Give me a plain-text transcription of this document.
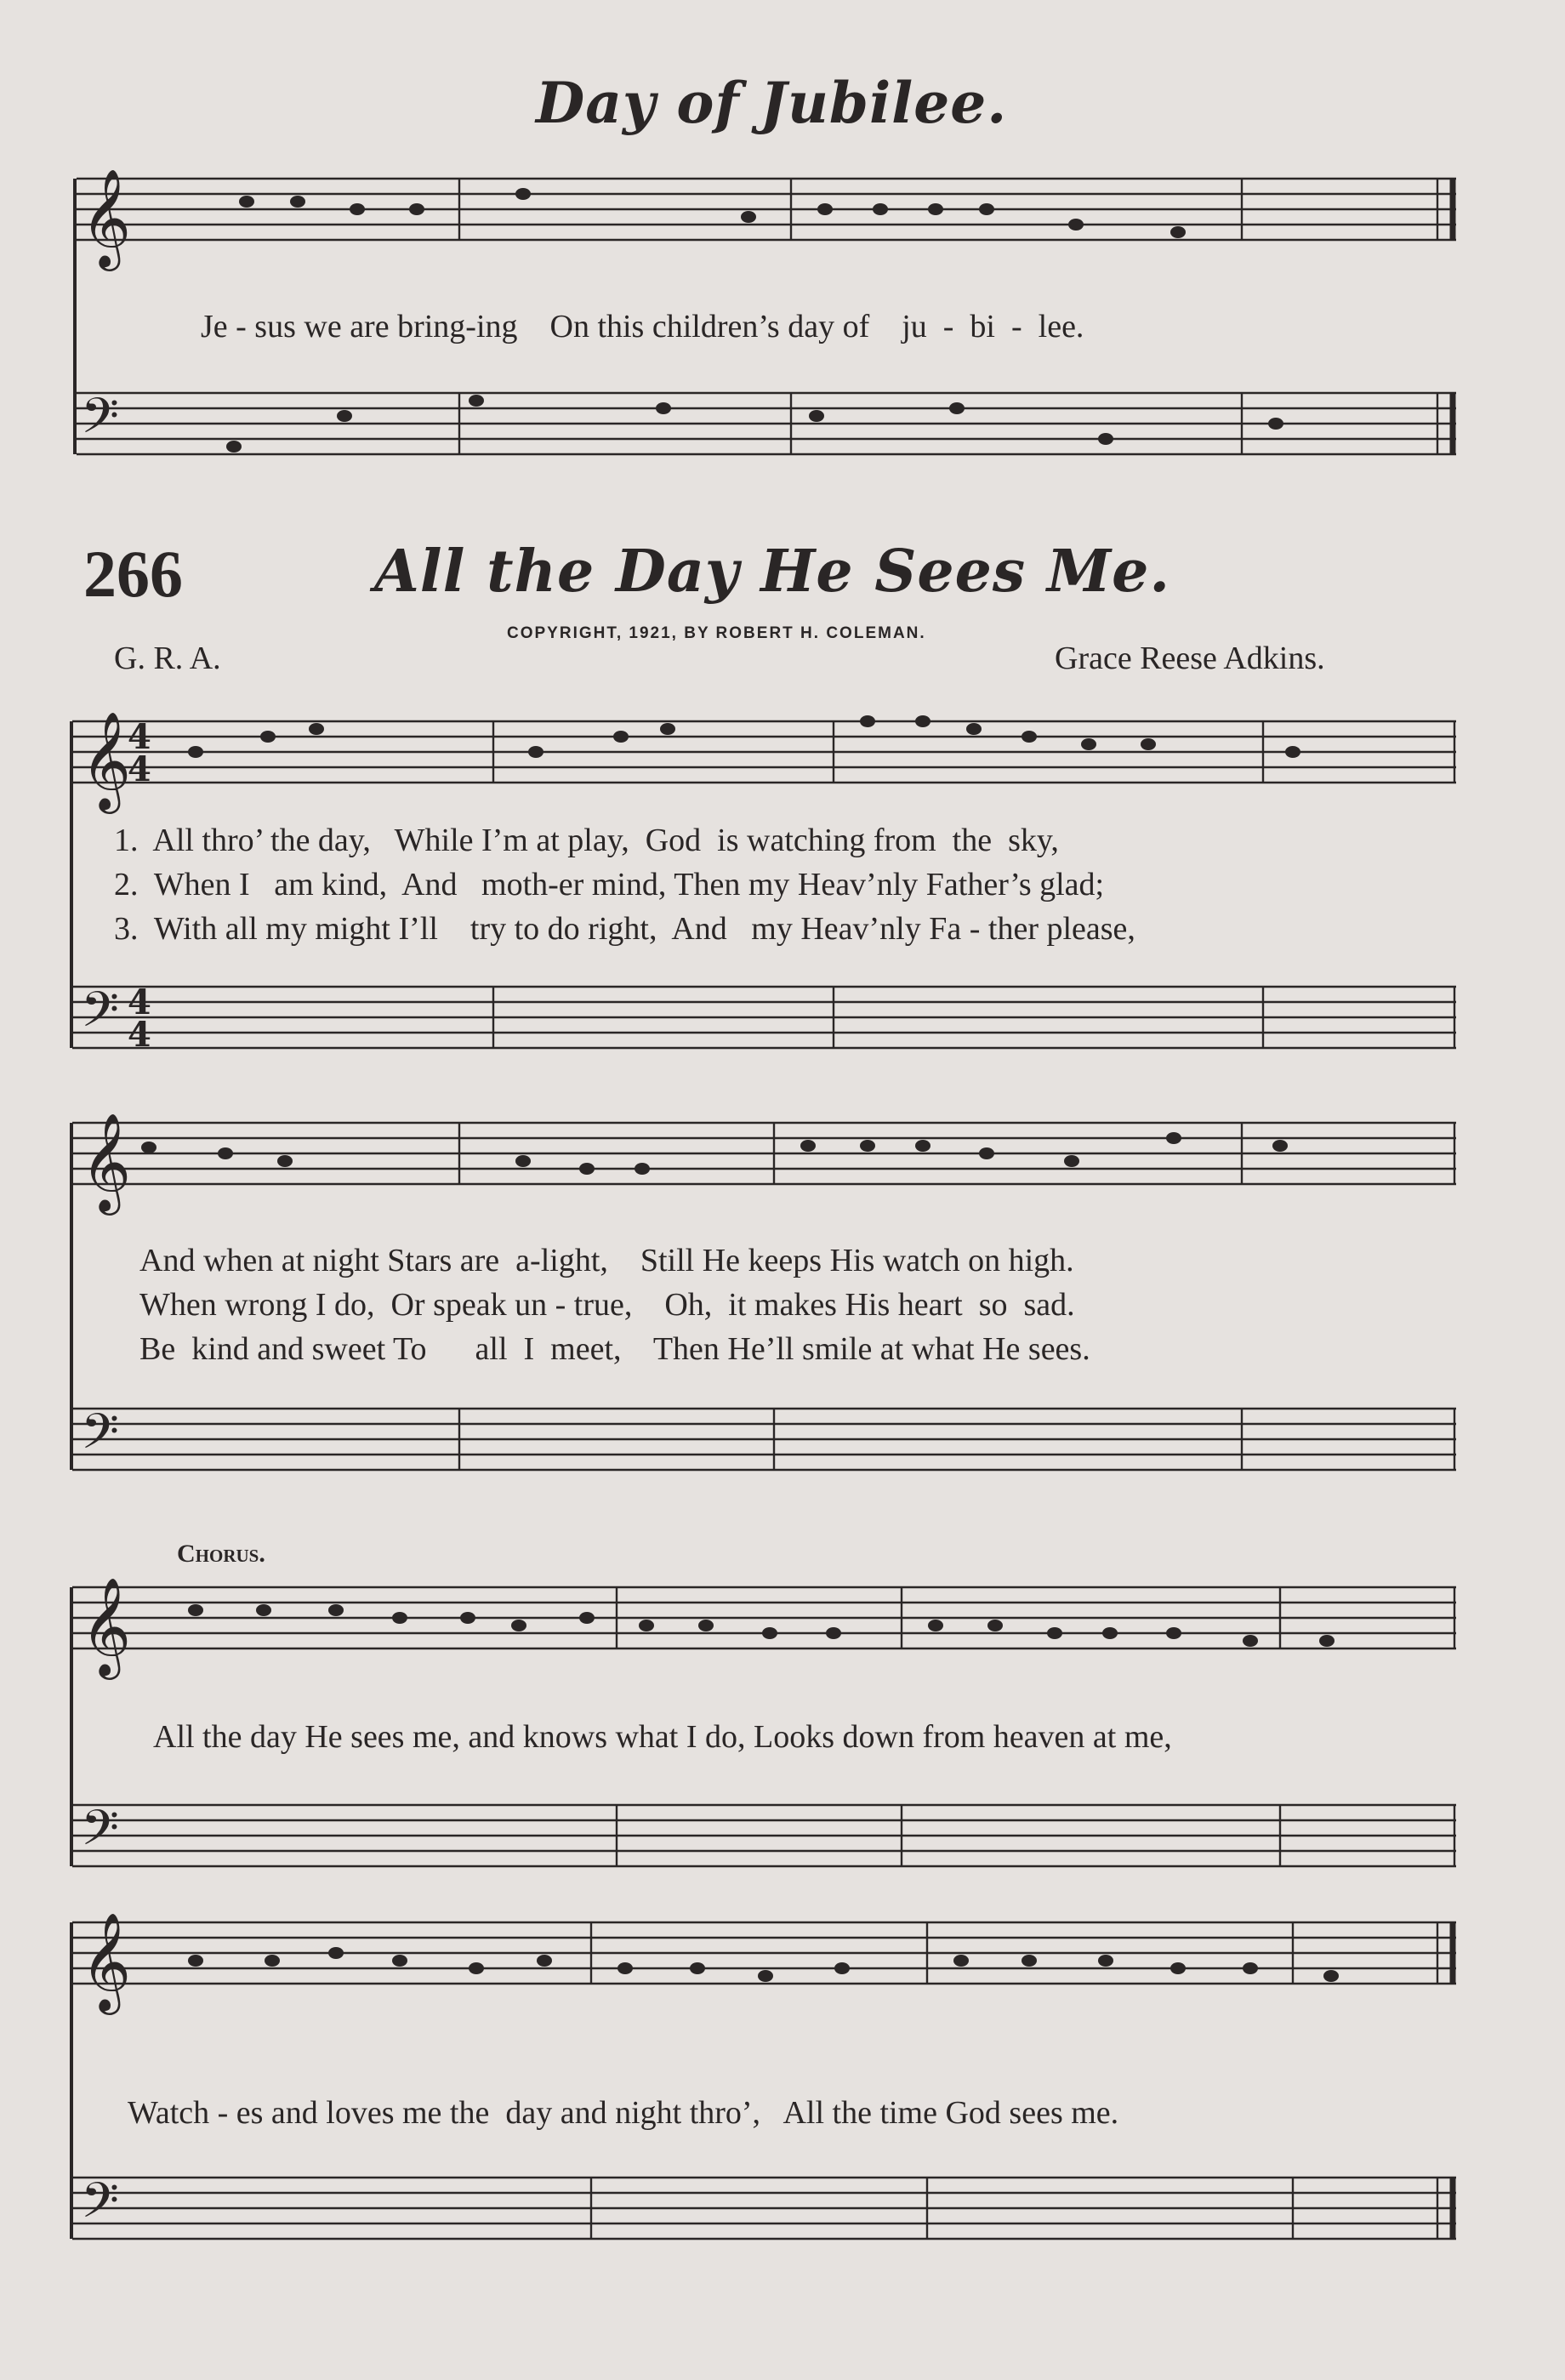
𝄞
𝄢
𝄞
4
4
𝄢 4
4
𝄞
𝄢
𝄞
𝄢
𝄞
𝄢
Day of Jubilee.
Je - sus we are bring-ing    On this children’s day of    ju  -  bi  -  lee.
266	All the Day He Sees Me.
COPYRIGHT, 1921, BY ROBERT H. COLEMAN.
G. R. A.	Grace Reese Adkins.
1.  All thro’ the day,   While I’m at play,  God  is watching from  the  sky,
2.  When I   am kind,  And   moth-er mind, Then my Heav’nly Father’s glad;
3.  With all my might I’ll    try to do right,  And   my Heav’nly Fa - ther please,
And when at night Stars are  a-light,    Still He keeps His watch on high.
When wrong I do,  Or speak un - true,    Oh,  it makes His heart  so  sad.
Be  kind and sweet To      all  I  meet,    Then He’ll smile at what He sees.
Chorus.
All the day He sees me, and knows what I do, Looks down from heaven at me,
Watch - es and loves me the  day and night thro’,   All the time God sees me.
